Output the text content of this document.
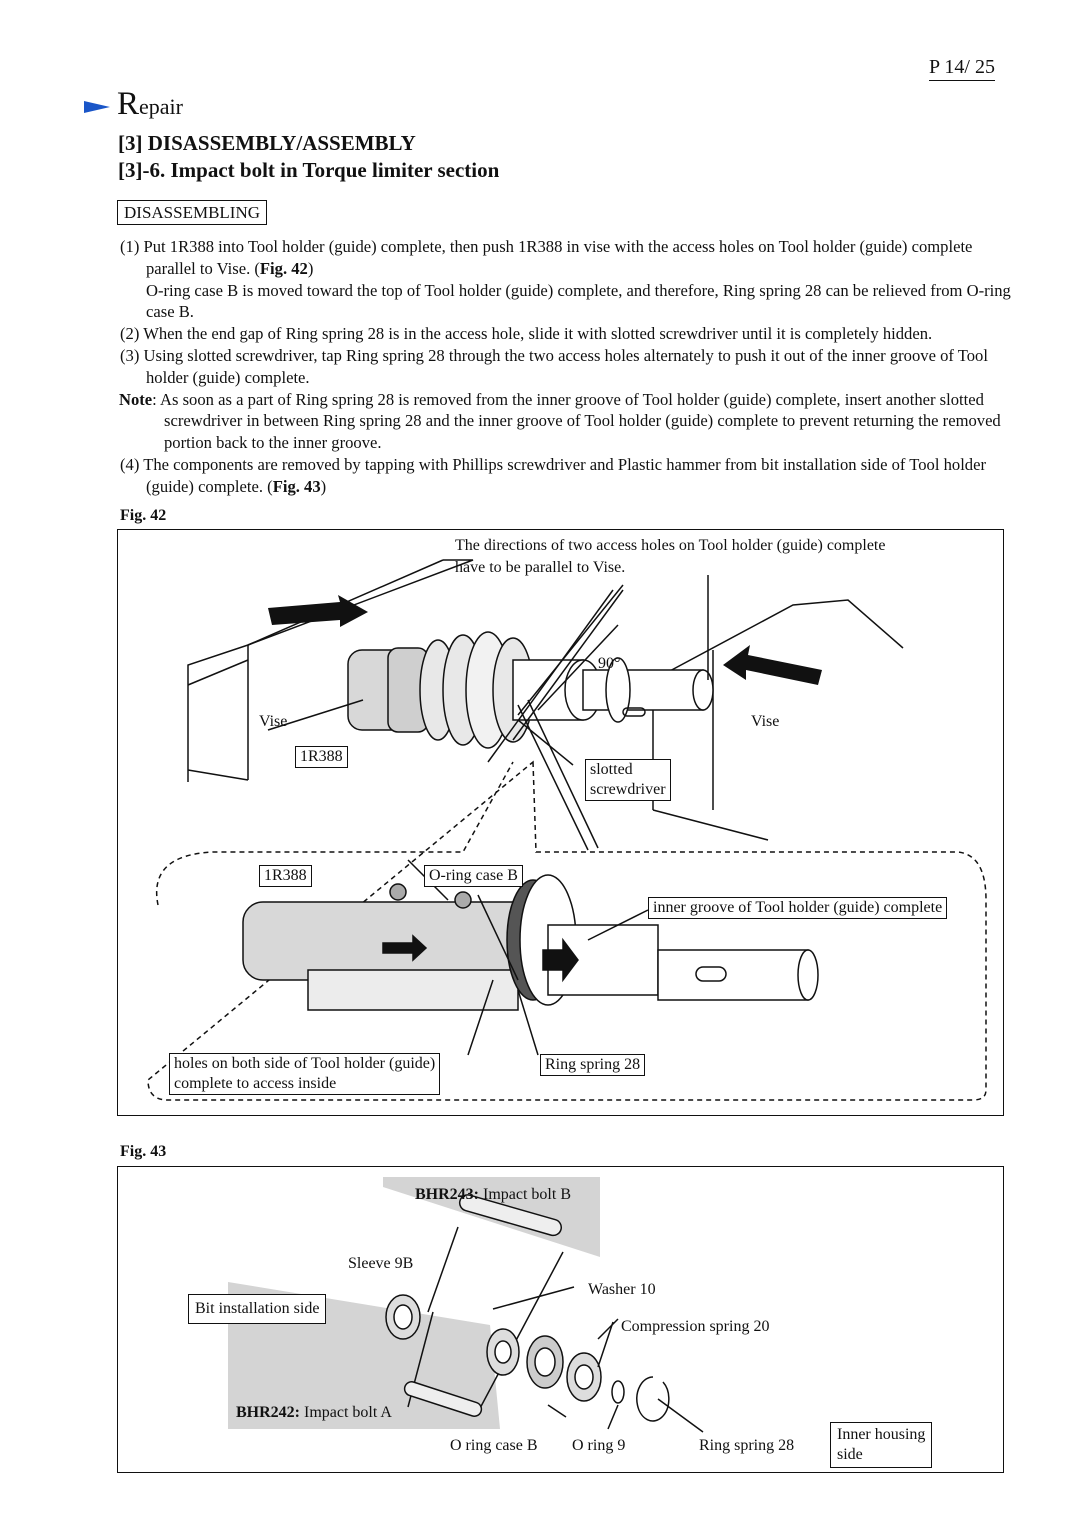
P 14/ 25
Repair
[3] DISASSEMBLY/ASSEMBLY
[3]-6. Impact bolt in Torque limiter section
DISASSEMBLING

(1) Put 1R388 into Tool holder (guide) complete, then push 1R388 in vise with the access holes on Tool holder (guide) complete parallel to Vise. (Fig. 42)

O-ring case B is moved toward the top of Tool holder (guide) complete, and therefore, Ring spring 28 can be relieved from O-ring case B.

(2) When the end gap of Ring spring 28 is in the access hole, slide it with slotted screwdriver until it is completely hidden.

(3) Using slotted screwdriver, tap Ring spring 28 through the two access holes alternately to push it out of the inner groove of Tool holder (guide) complete.

Note: As soon as a part of Ring spring 28 is removed from the inner groove of Tool holder (guide) complete, insert another slotted screwdriver in between Ring spring 28 and the inner groove of Tool holder (guide) complete to prevent returning the removed portion back to the inner groove.

(4) The components are removed by tapping with Phillips screwdriver and Plastic hammer from bit installation side of Tool holder (guide) complete. (Fig. 43)

Fig. 42
The directions of two access holes on Tool holder (guide) complete
have to be parallel to Vise.
90°
Vise	Vise
1R388
slotted
screwdriver
1R388	O-ring case B
inner groove of Tool holder (guide) complete
holes on both side of Tool holder (guide)
complete to access inside
Ring spring 28
Fig. 43
BHR243: Impact bolt B
Sleeve 9B
Bit installation side
Washer 10
Compression spring 20
BHR242: Impact bolt A
O ring case B O ring 9	Ring spring 28
Inner housing
side
